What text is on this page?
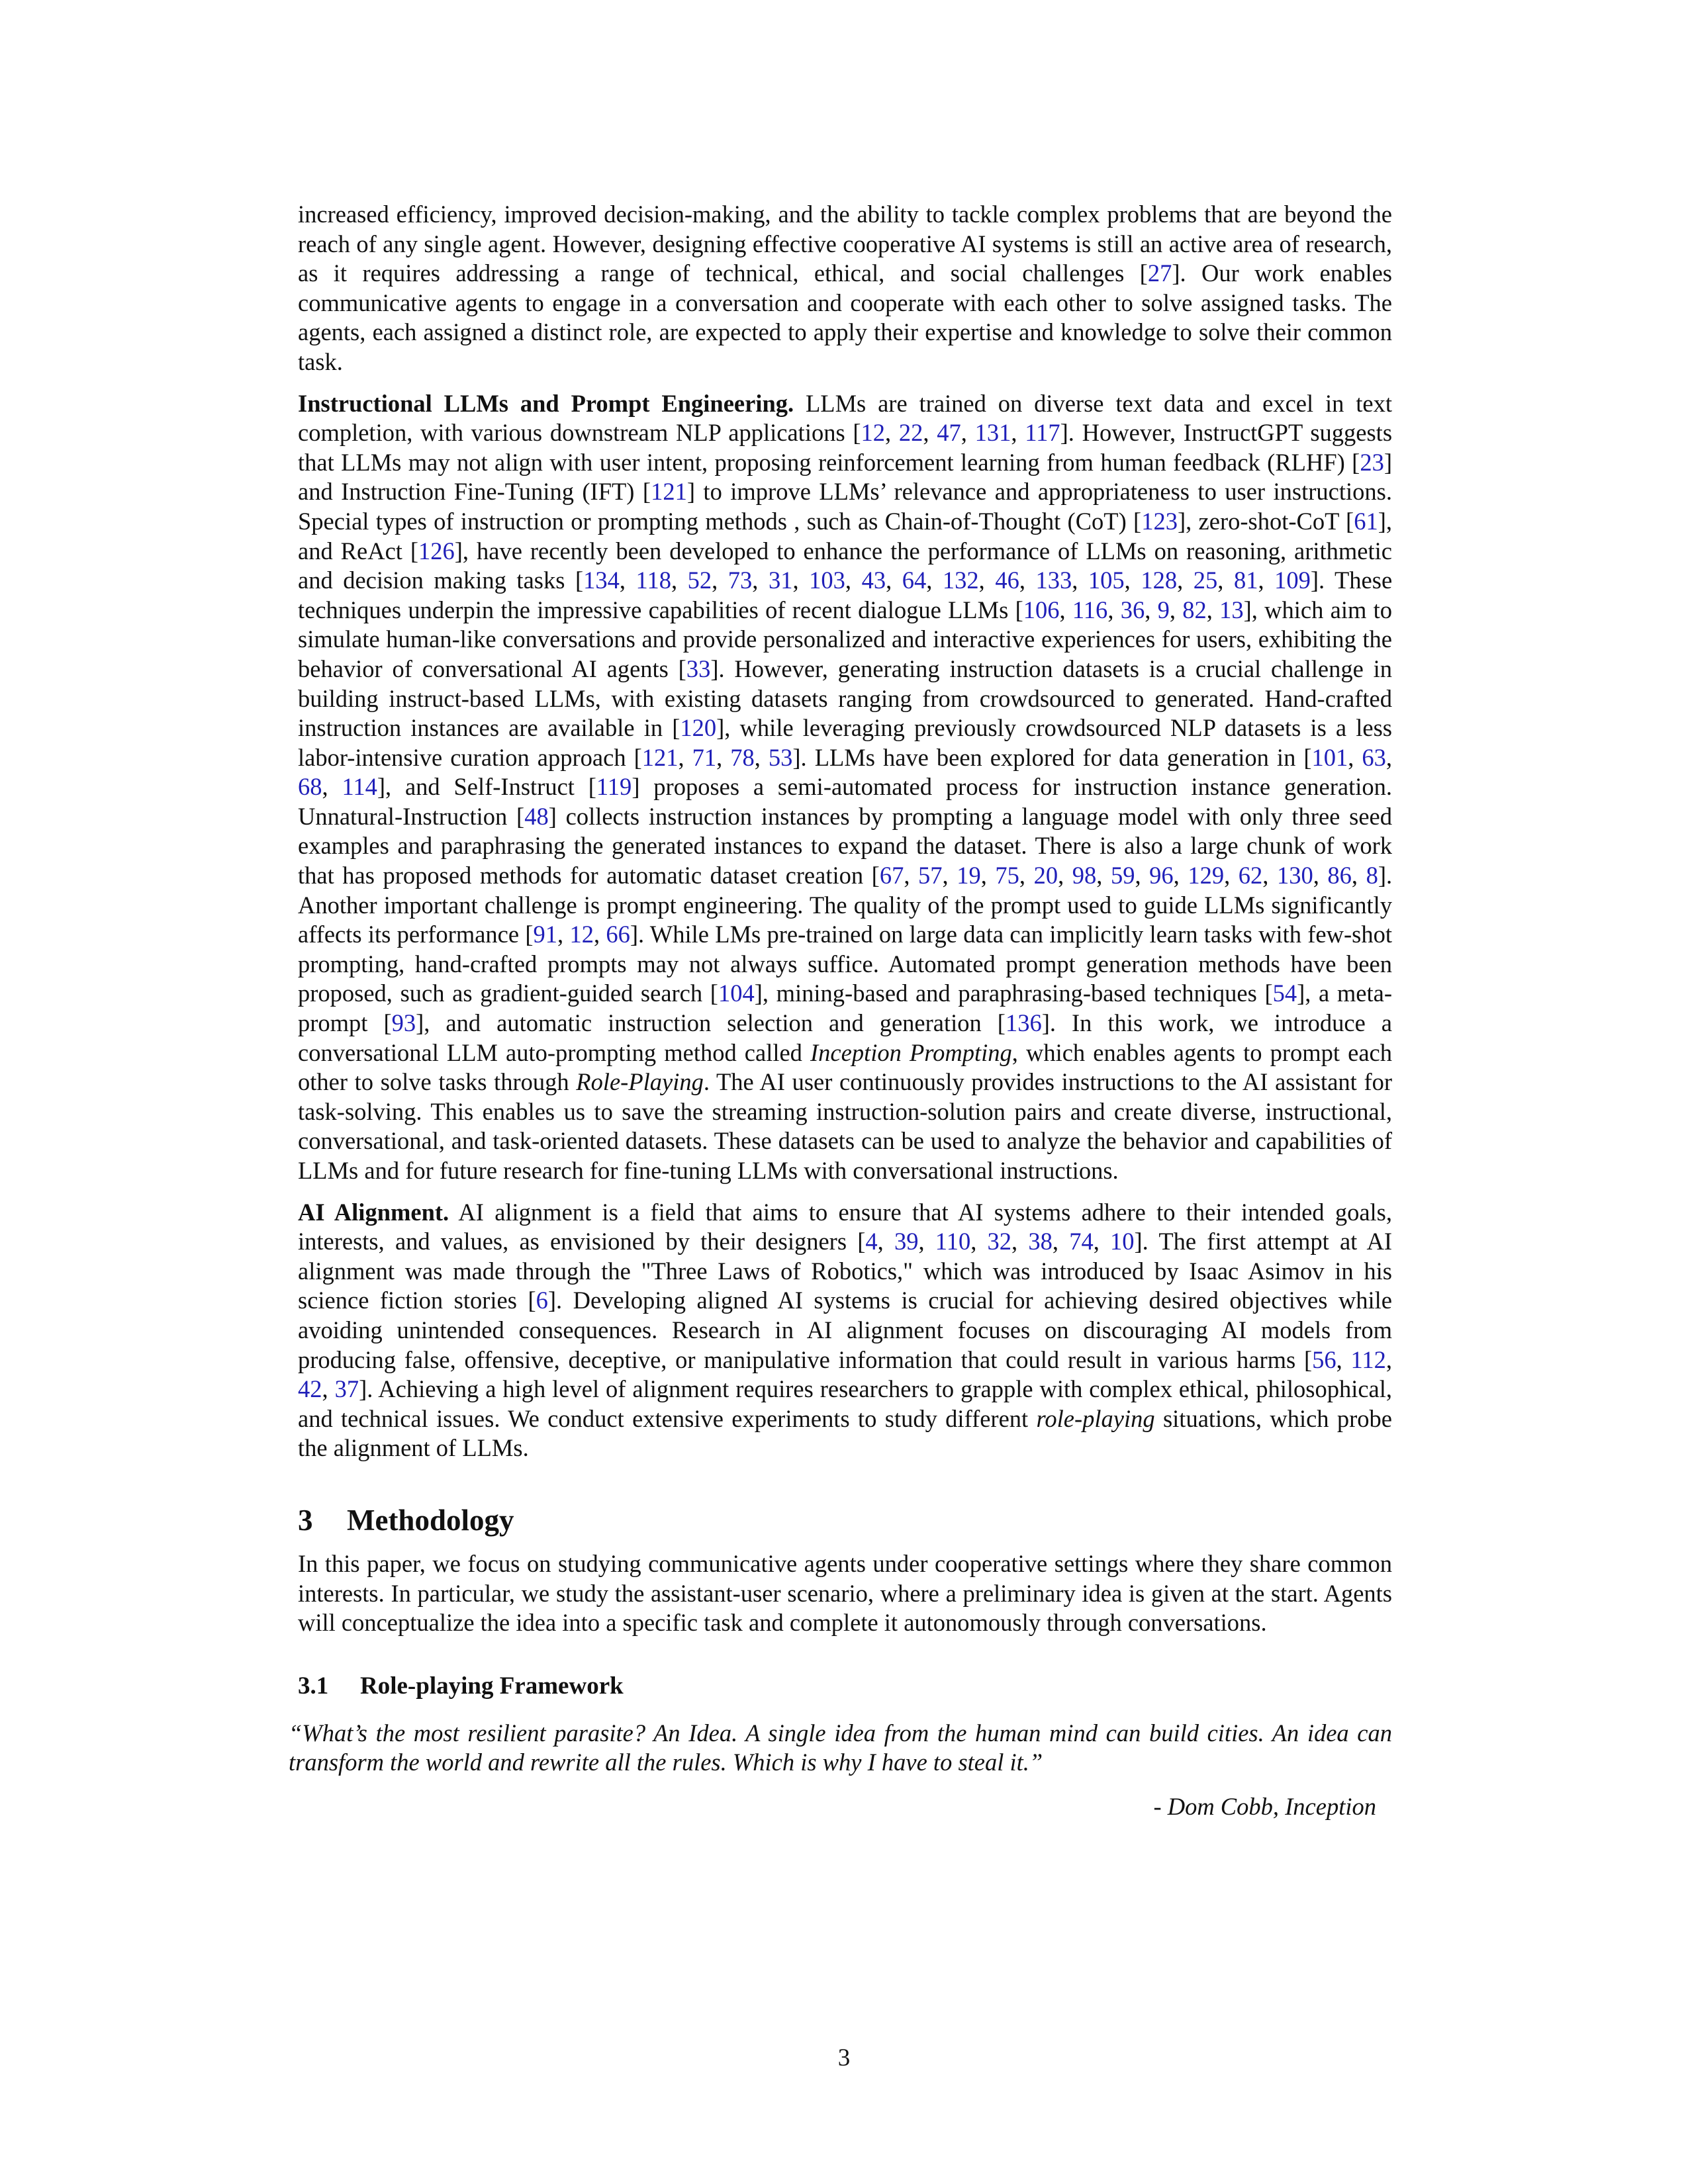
increased efficiency, improved decision-making, and the ability to tackle complex problems that are beyond the reach of any single agent. However, designing effective cooperative AI systems is still an active area of research, as it requires addressing a range of technical, ethical, and social challenges [27]. Our work enables communicative agents to engage in a conversation and cooperate with each other to solve assigned tasks. The agents, each assigned a distinct role, are expected to apply their expertise and knowledge to solve their common task.

Instructional LLMs and Prompt Engineering. LLMs are trained on diverse text data and excel in text completion, with various downstream NLP applications [12, 22, 47, 131, 117]. However, InstructGPT suggests that LLMs may not align with user intent, proposing reinforcement learning from human feedback (RLHF) [23] and Instruction Fine-Tuning (IFT) [121] to improve LLMs’ relevance and appropriateness to user instructions. Special types of instruction or prompting methods , such as Chain-of-Thought (CoT) [123], zero-shot-CoT [61], and ReAct [126], have recently been developed to enhance the performance of LLMs on reasoning, arithmetic and decision making tasks [134, 118, 52, 73, 31, 103, 43, 64, 132, 46, 133, 105, 128, 25, 81, 109]. These techniques underpin the impressive capabilities of recent dialogue LLMs [106, 116, 36, 9, 82, 13], which aim to simulate human-like conversations and provide personalized and interactive experiences for users, exhibiting the behavior of conversational AI agents [33]. However, generating instruction datasets is a crucial challenge in building instruct-based LLMs, with existing datasets ranging from crowdsourced to generated. Hand-crafted instruction instances are available in [120], while leveraging previously crowdsourced NLP datasets is a less labor-intensive curation approach [121, 71, 78, 53]. LLMs have been explored for data generation in [101, 63, 68, 114], and Self-Instruct [119] proposes a semi-automated process for instruction instance generation. Unnatural-Instruction [48] collects instruction instances by prompting a language model with only three seed examples and paraphrasing the generated instances to expand the dataset. There is also a large chunk of work that has proposed methods for automatic dataset creation [67, 57, 19, 75, 20, 98, 59, 96, 129, 62, 130, 86, 8]. Another important challenge is prompt engineering. The quality of the prompt used to guide LLMs significantly affects its performance [91, 12, 66]. While LMs pre-trained on large data can implicitly learn tasks with few-shot prompting, hand-crafted prompts may not always suffice. Automated prompt generation methods have been proposed, such as gradient-guided search [104], mining-based and paraphrasing-based techniques [54], a meta-prompt [93], and automatic instruction selection and generation [136]. In this work, we introduce a conversational LLM auto-prompting method called Inception Prompting, which enables agents to prompt each other to solve tasks through Role-Playing. The AI user continuously provides instructions to the AI assistant for task-solving. This enables us to save the streaming instruction-solution pairs and create diverse, instructional, conversational, and task-oriented datasets. These datasets can be used to analyze the behavior and capabilities of LLMs and for future research for fine-tuning LLMs with conversational instructions.

AI Alignment. AI alignment is a field that aims to ensure that AI systems adhere to their intended goals, interests, and values, as envisioned by their designers [4, 39, 110, 32, 38, 74, 10]. The first attempt at AI alignment was made through the "Three Laws of Robotics," which was introduced by Isaac Asimov in his science fiction stories [6]. Developing aligned AI systems is crucial for achieving desired objectives while avoiding unintended consequences. Research in AI alignment focuses on discouraging AI models from producing false, offensive, deceptive, or manipulative information that could result in various harms [56, 112, 42, 37]. Achieving a high level of alignment requires researchers to grapple with complex ethical, philosophical, and technical issues. We conduct extensive experiments to study different role-playing situations, which probe the alignment of LLMs.

3 Methodology

In this paper, we focus on studying communicative agents under cooperative settings where they share common interests. In particular, we study the assistant-user scenario, where a preliminary idea is given at the start. Agents will conceptualize the idea into a specific task and complete it autonomously through conversations.

3.1 Role-playing Framework

“What’s the most resilient parasite? An Idea. A single idea from the human mind can build cities. An idea can transform the world and rewrite all the rules. Which is why I have to steal it.”

- Dom Cobb, Inception
3
